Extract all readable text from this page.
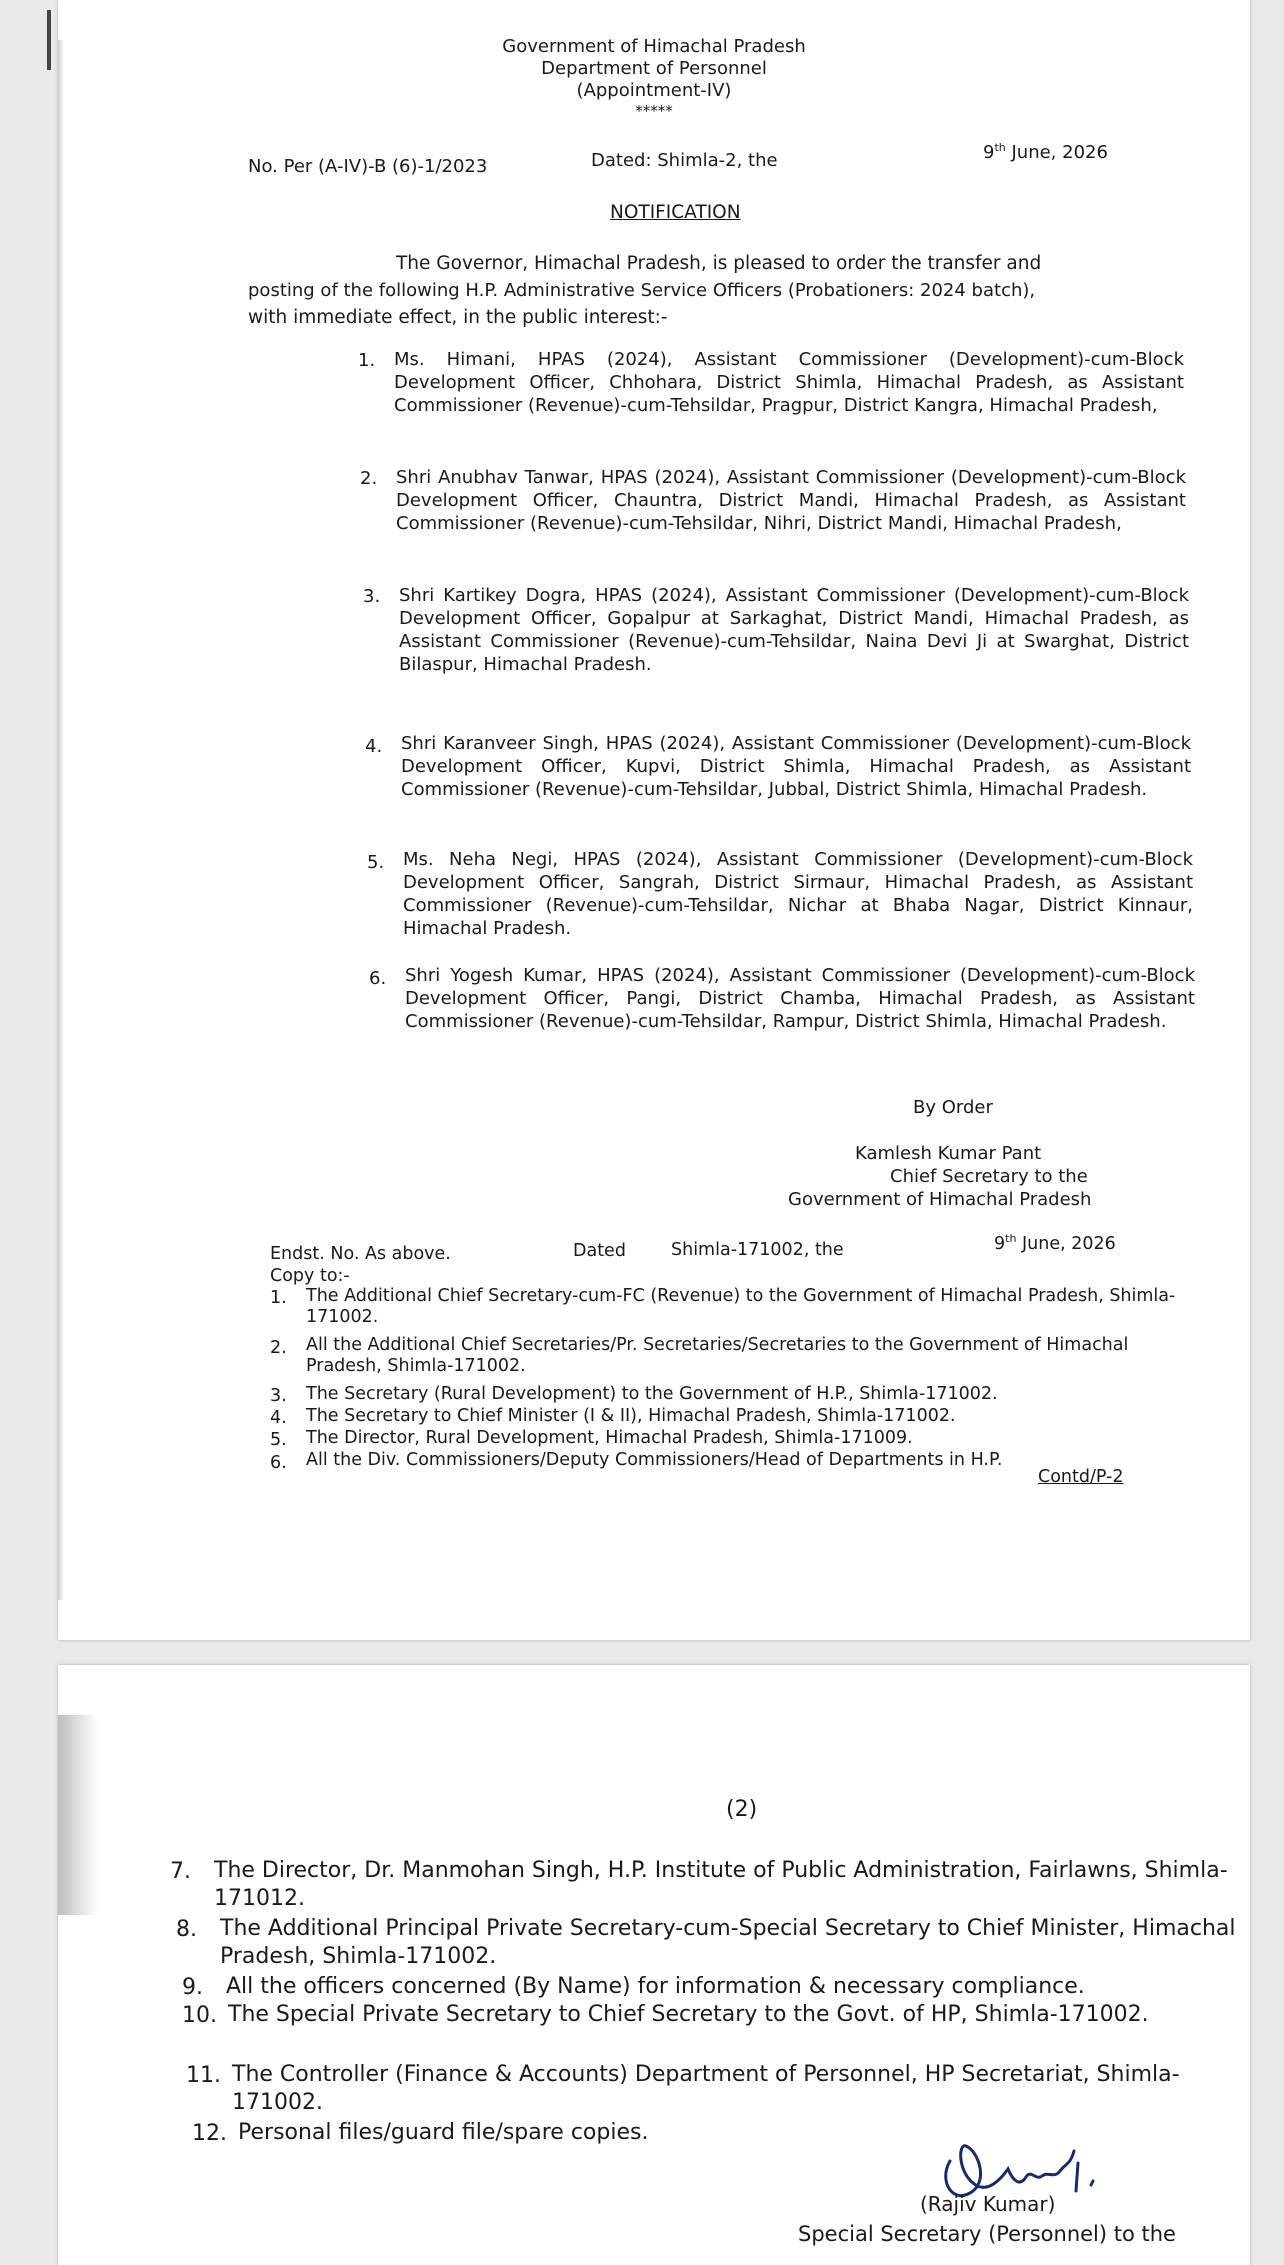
Government of Himachal Pradesh
Department of Personnel
(Appointment-IV)
*****
No. Per (A-IV)-B (6)-1/2023	Dated: Shimla-2, the	9th June, 2026
NOTIFICATION
The Governor, Himachal Pradesh, is pleased to order the transfer and
posting of the following H.P. Administrative Service Officers (Probationers: 2024 batch),
with immediate effect, in the public interest:-
1. Ms. Himani, HPAS (2024), Assistant Commissioner (Development)-cum-Block Development Officer, Chhohara, District Shimla, Himachal Pradesh, as Assistant Commissioner (Revenue)-cum-Tehsildar, Pragpur, District Kangra, Himachal Pradesh,
2. Shri Anubhav Tanwar, HPAS (2024), Assistant Commissioner (Development)-cum-Block Development Officer, Chauntra, District Mandi, Himachal Pradesh, as Assistant Commissioner (Revenue)-cum-Tehsildar, Nihri, District Mandi, Himachal Pradesh,
3. Shri Kartikey Dogra, HPAS (2024), Assistant Commissioner (Development)-cum-Block Development Officer, Gopalpur at Sarkaghat, District Mandi, Himachal Pradesh, as Assistant Commissioner (Revenue)-cum-Tehsildar, Naina Devi Ji at Swarghat, District Bilaspur, Himachal Pradesh.
4. Shri Karanveer Singh, HPAS (2024), Assistant Commissioner (Development)-cum-Block Development Officer, Kupvi, District Shimla, Himachal Pradesh, as Assistant Commissioner (Revenue)-cum-Tehsildar, Jubbal, District Shimla, Himachal Pradesh.
5. Ms. Neha Negi, HPAS (2024), Assistant Commissioner (Development)-cum-Block Development Officer, Sangrah, District Sirmaur, Himachal Pradesh, as Assistant Commissioner (Revenue)-cum-Tehsildar, Nichar at Bhaba Nagar, District Kinnaur, Himachal Pradesh.
6. Shri Yogesh Kumar, HPAS (2024), Assistant Commissioner (Development)-cum-Block Development Officer, Pangi, District Chamba, Himachal Pradesh, as Assistant Commissioner (Revenue)-cum-Tehsildar, Rampur, District Shimla, Himachal Pradesh.
By Order
Kamlesh Kumar Pant
Chief Secretary to the
Government of Himachal Pradesh
Endst. No. As above.	Dated	Shimla-171002, the	9th June, 2026
Copy to:-
1. The Additional Chief Secretary-cum-FC (Revenue) to the Government of Himachal Pradesh, Shimla-171002.
2. All the Additional Chief Secretaries/Pr. Secretaries/Secretaries to the Government of Himachal Pradesh, Shimla-171002.
3. The Secretary (Rural Development) to the Government of H.P., Shimla-171002.
4. The Secretary to Chief Minister (I & II), Himachal Pradesh, Shimla-171002.
5. The Director, Rural Development, Himachal Pradesh, Shimla-171009.
6. All the Div. Commissioners/Deputy Commissioners/Head of Departments in H.P.
Contd/P-2
(2)
7. The Director, Dr. Manmohan Singh, H.P. Institute of Public Administration, Fairlawns, Shimla-171012.
8. The Additional Principal Private Secretary-cum-Special Secretary to Chief Minister, Himachal Pradesh, Shimla-171002.
9. All the officers concerned (By Name) for information & necessary compliance.
10. The Special Private Secretary to Chief Secretary to the Govt. of HP, Shimla-171002.
11. The Controller (Finance & Accounts) Department of Personnel, HP Secretariat, Shimla-171002.
12. Personal files/guard file/spare copies.
(Rajiv Kumar)
Special Secretary (Personnel) to the
